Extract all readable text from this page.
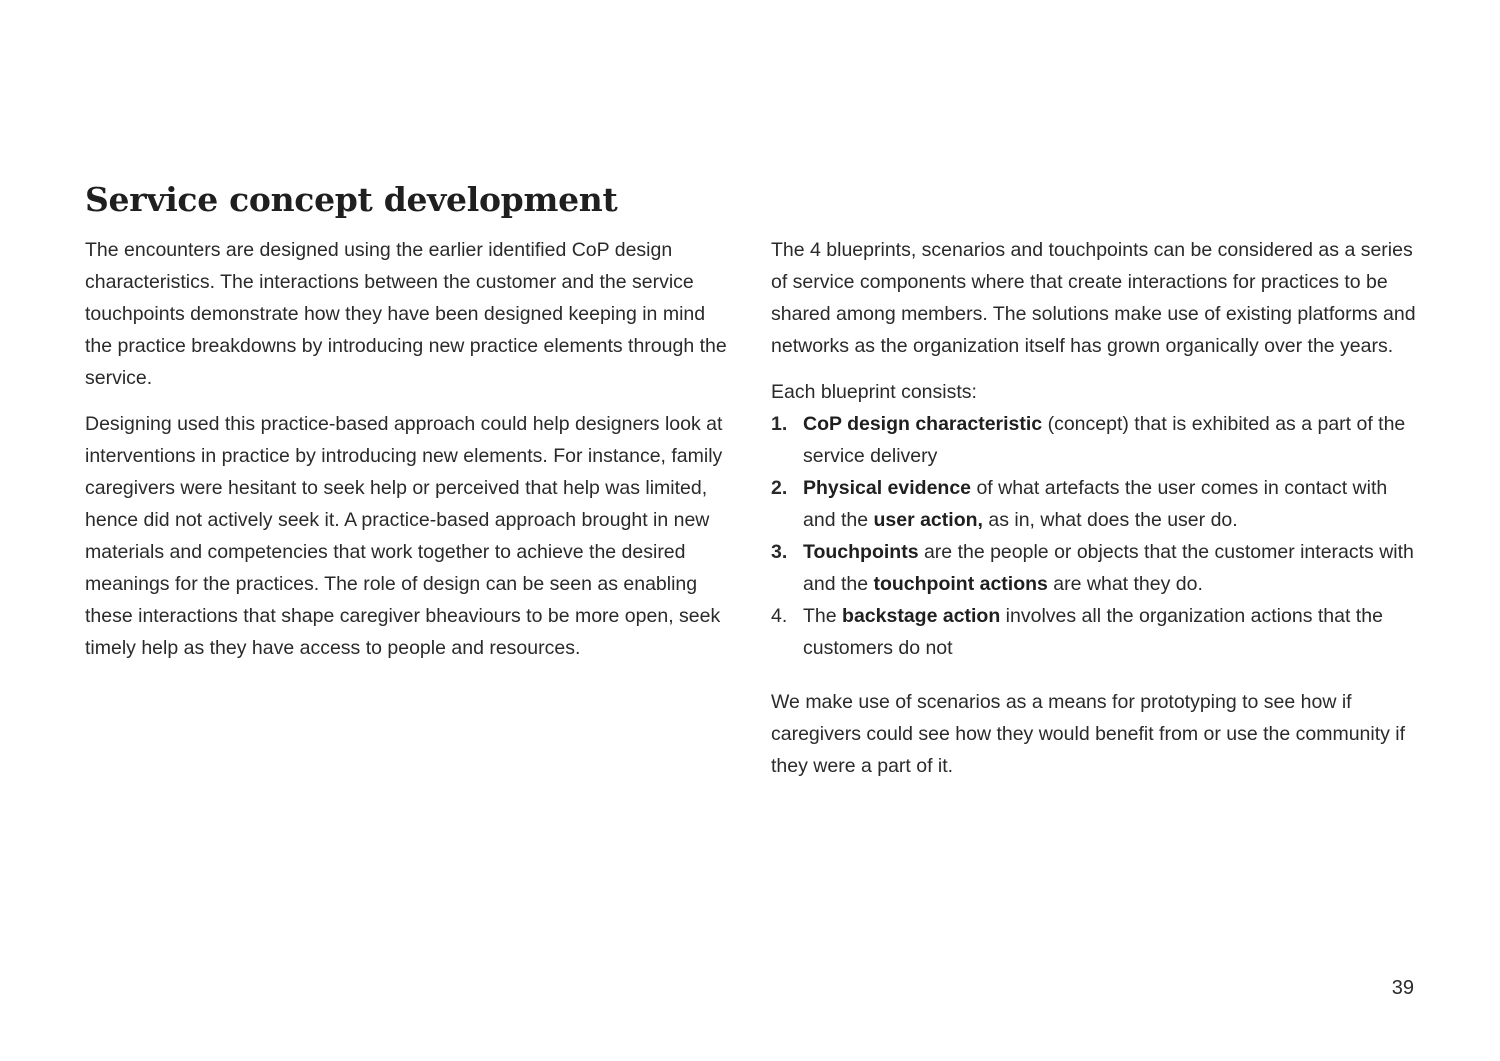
Service concept development

The encounters are designed using the earlier identified CoP design characteristics. The interactions between the customer and the service touchpoints demonstrate how they have been designed keeping in mind the practice breakdowns by introducing new practice elements through the service.

Designing used this practice-based approach could help designers look at interventions in practice by introducing new elements. For instance, family caregivers were hesitant to seek help or perceived that help was limited, hence did not actively seek it. A practice-based approach brought in new materials and competencies that work together to achieve the desired meanings for the practices. The role of design can be seen as enabling these interactions that shape caregiver bheaviours to be more open, seek timely help as they have access to people and resources.

The 4 blueprints, scenarios and touchpoints can be considered as a series of service components where that create interactions for practices to be shared among members. The solutions make use of existing platforms and networks as the organization itself has grown organically over the years.

Each blueprint consists:

1. CoP design characteristic (concept) that is exhibited as a part of the service delivery
2. Physical evidence of what artefacts the user comes in contact with and the user action, as in, what does the user do.
3. Touchpoints are the people or objects that the customer interacts with and the touchpoint actions are what they do.
4. The backstage action involves all the organization actions that the customers do not

We make use of scenarios as a means for prototyping to see how if caregivers could see how they would benefit from or use the community if they were a part of it.

39
